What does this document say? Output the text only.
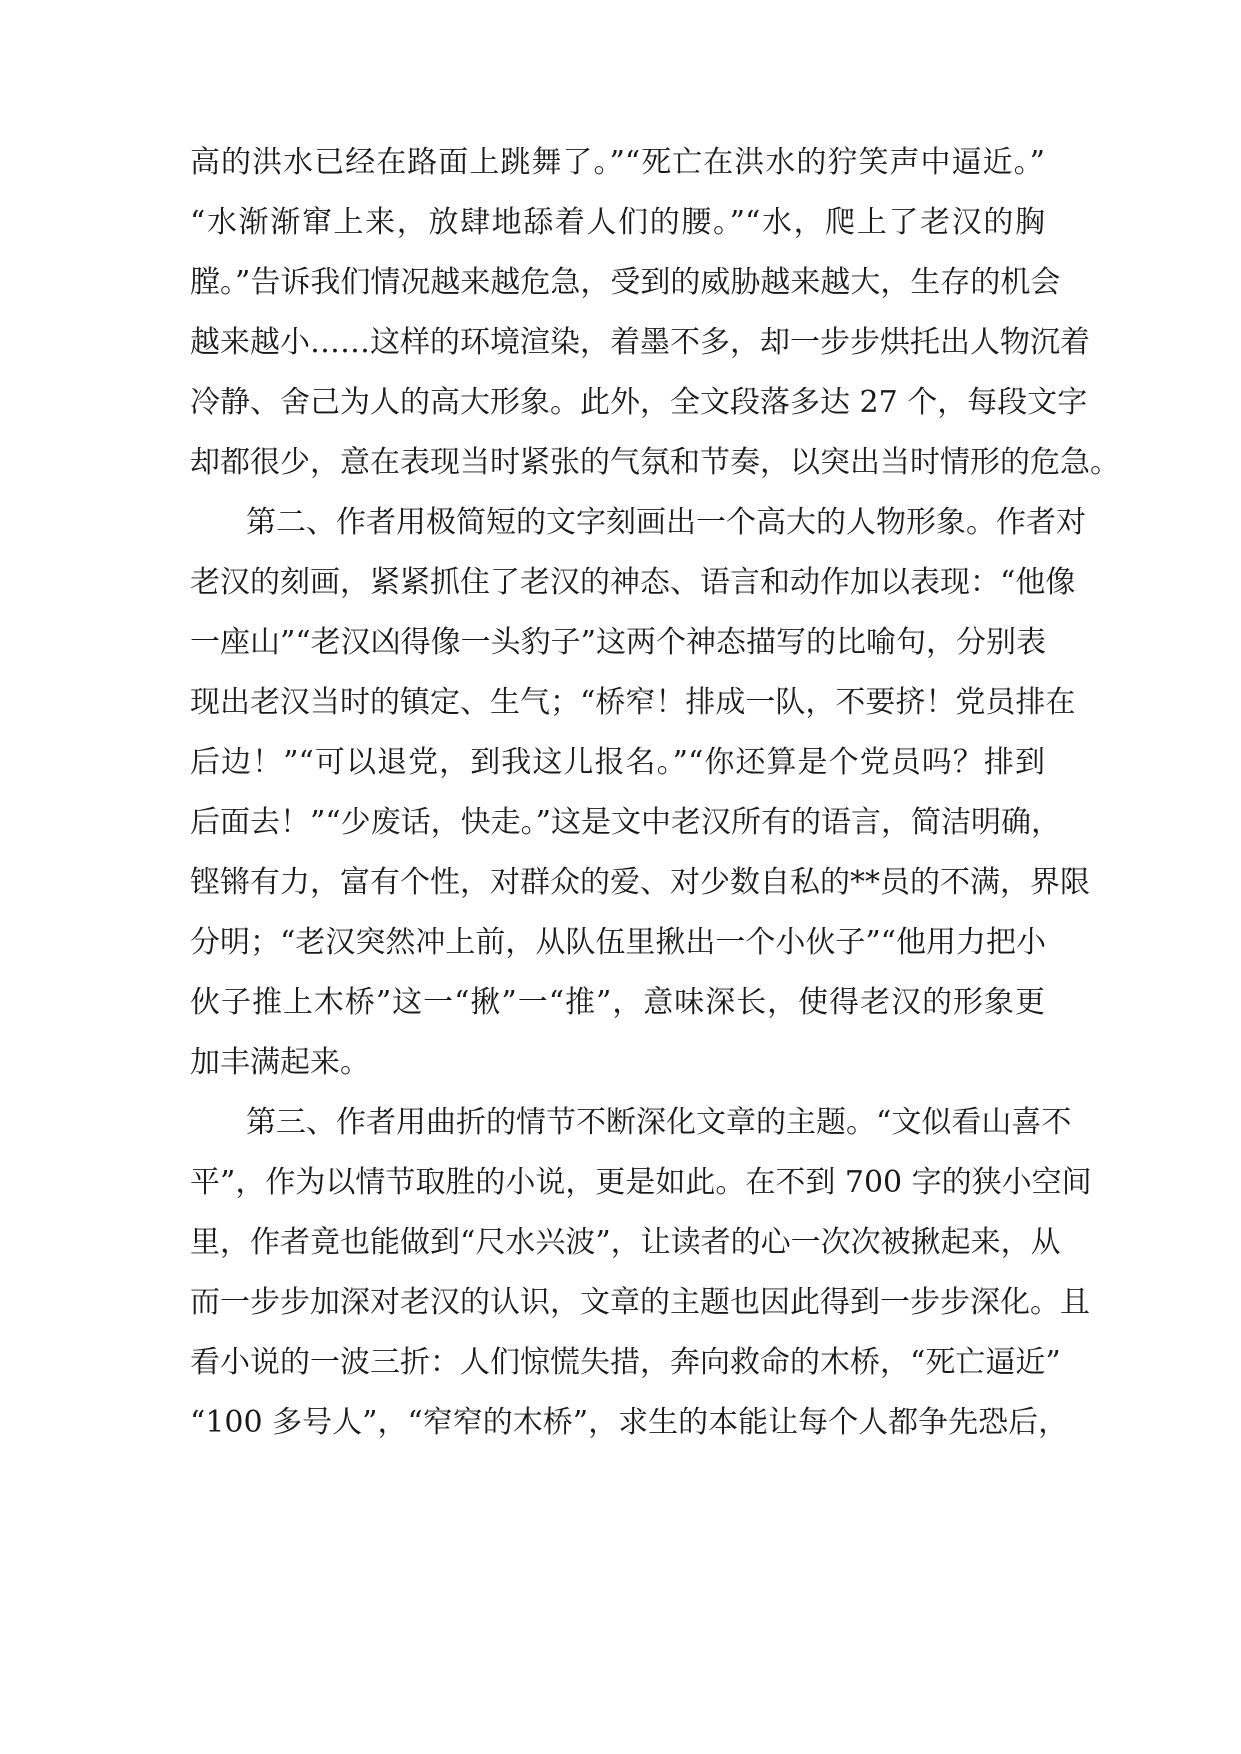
高的洪水已经在路面上跳舞了。”“死亡在洪水的狞笑声中逼近。”
“水渐渐窜上来，放肆地舔着人们的腰。”“水，爬上了老汉的胸
膛。”告诉我们情况越来越危急，受到的威胁越来越大，生存的机会
越来越小……这样的环境渲染，着墨不多，却一步步烘托出人物沉着
冷静、舍己为人的高大形象。此外，全文段落多达 27 个，每段文字
却都很少，意在表现当时紧张的气氛和节奏，以突出当时情形的危急。
第二、作者用极简短的文字刻画出一个高大的人物形象。作者对
老汉的刻画，紧紧抓住了老汉的神态、语言和动作加以表现：“他像
一座山”“老汉凶得像一头豹子”这两个神态描写的比喻句，分别表
现出老汉当时的镇定、生气；“桥窄！排成一队，不要挤！党员排在
后边！”“可以退党，到我这儿报名。”“你还算是个党员吗？排到
后面去！”“少废话，快走。”这是文中老汉所有的语言，简洁明确，
铿锵有力，富有个性，对群众的爱、对少数自私的**员的不满，界限
分明；“老汉突然冲上前，从队伍里揪出一个小伙子”“他用力把小
伙子推上木桥”这一“揪”一“推”，意味深长，使得老汉的形象更
加丰满起来。
第三、作者用曲折的情节不断深化文章的主题。“文似看山喜不
平”，作为以情节取胜的小说，更是如此。在不到 700 字的狭小空间
里，作者竟也能做到“尺水兴波”，让读者的心一次次被揪起来，从
而一步步加深对老汉的认识，文章的主题也因此得到一步步深化。且
看小说的一波三折：人们惊慌失措，奔向救命的木桥，“死亡逼近”
“100 多号人”，“窄窄的木桥”，求生的本能让每个人都争先恐后，
